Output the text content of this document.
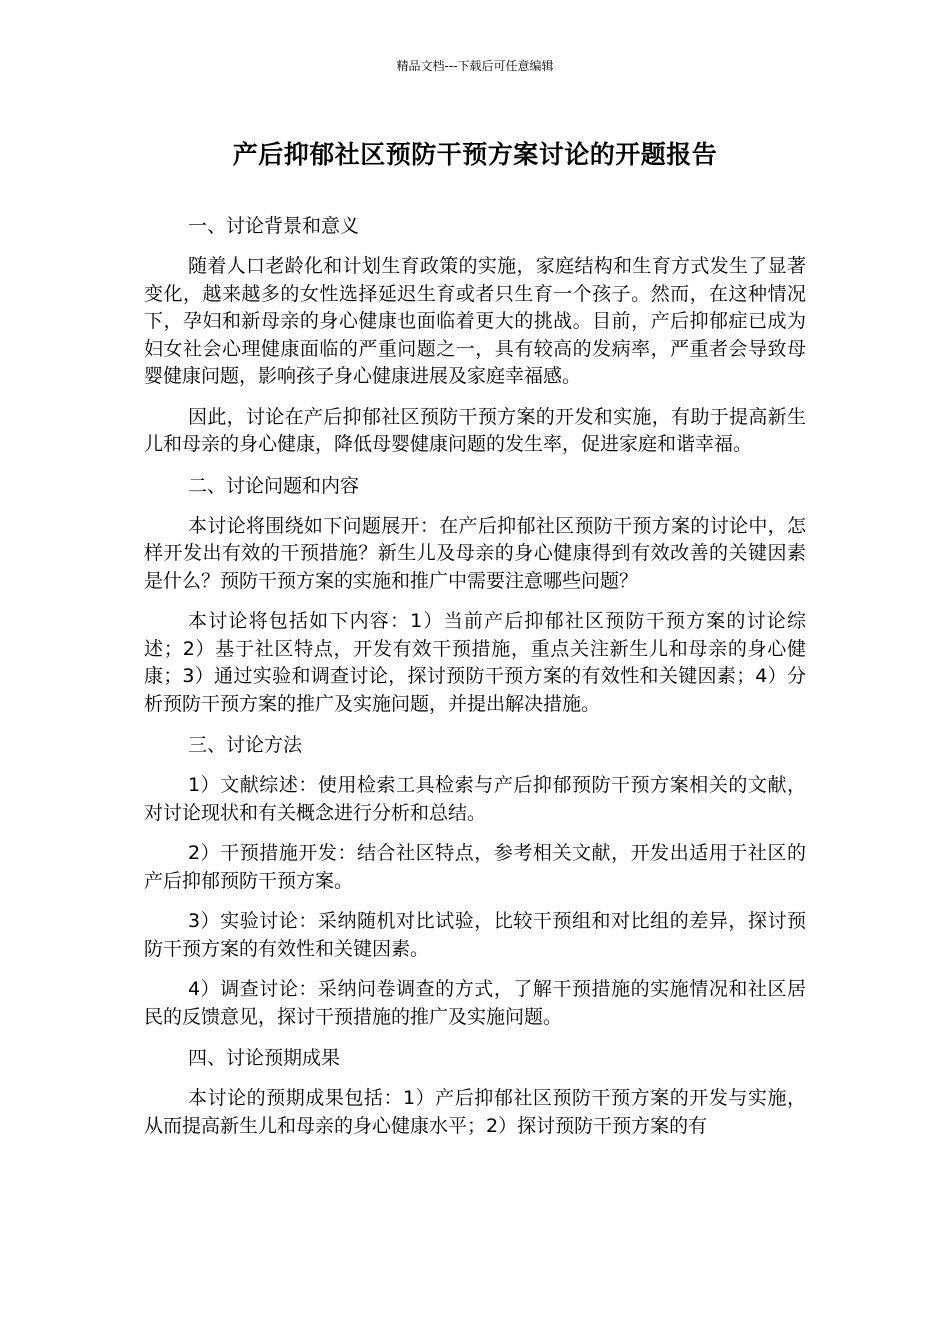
精品文档---下载后可任意编辑
产后抑郁社区预防干预方案讨论的开题报告
一、讨论背景和意义

随着人口老龄化和计划生育政策的实施，家庭结构和生育方式发生了显著变化，越来越多的女性选择延迟生育或者只生育一个孩子。然而，在这种情况下，孕妇和新母亲的身心健康也面临着更大的挑战。目前，产后抑郁症已成为妇女社会心理健康面临的严重问题之一，具有较高的发病率，严重者会导致母婴健康问题，影响孩子身心健康进展及家庭幸福感。

因此，讨论在产后抑郁社区预防干预方案的开发和实施，有助于提高新生儿和母亲的身心健康，降低母婴健康问题的发生率，促进家庭和谐幸福。

二、讨论问题和内容

本讨论将围绕如下问题展开：在产后抑郁社区预防干预方案的讨论中，怎样开发出有效的干预措施？新生儿及母亲的身心健康得到有效改善的关键因素是什么？预防干预方案的实施和推广中需要注意哪些问题？

本讨论将包括如下内容：1）当前产后抑郁社区预防干预方案的讨论综述；2）基于社区特点，开发有效干预措施，重点关注新生儿和母亲的身心健康；3）通过实验和调查讨论，探讨预防干预方案的有效性和关键因素；4）分析预防干预方案的推广及实施问题，并提出解决措施。

三、讨论方法

1）文献综述：使用检索工具检索与产后抑郁预防干预方案相关的文献，对讨论现状和有关概念进行分析和总结。

2）干预措施开发：结合社区特点，参考相关文献，开发出适用于社区的产后抑郁预防干预方案。

3）实验讨论：采纳随机对比试验，比较干预组和对比组的差异，探讨预防干预方案的有效性和关键因素。

4）调查讨论：采纳问卷调查的方式，了解干预措施的实施情况和社区居民的反馈意见，探讨干预措施的推广及实施问题。

四、讨论预期成果

本讨论的预期成果包括：1）产后抑郁社区预防干预方案的开发与实施，从而提高新生儿和母亲的身心健康水平；2）探讨预防干预方案的有
